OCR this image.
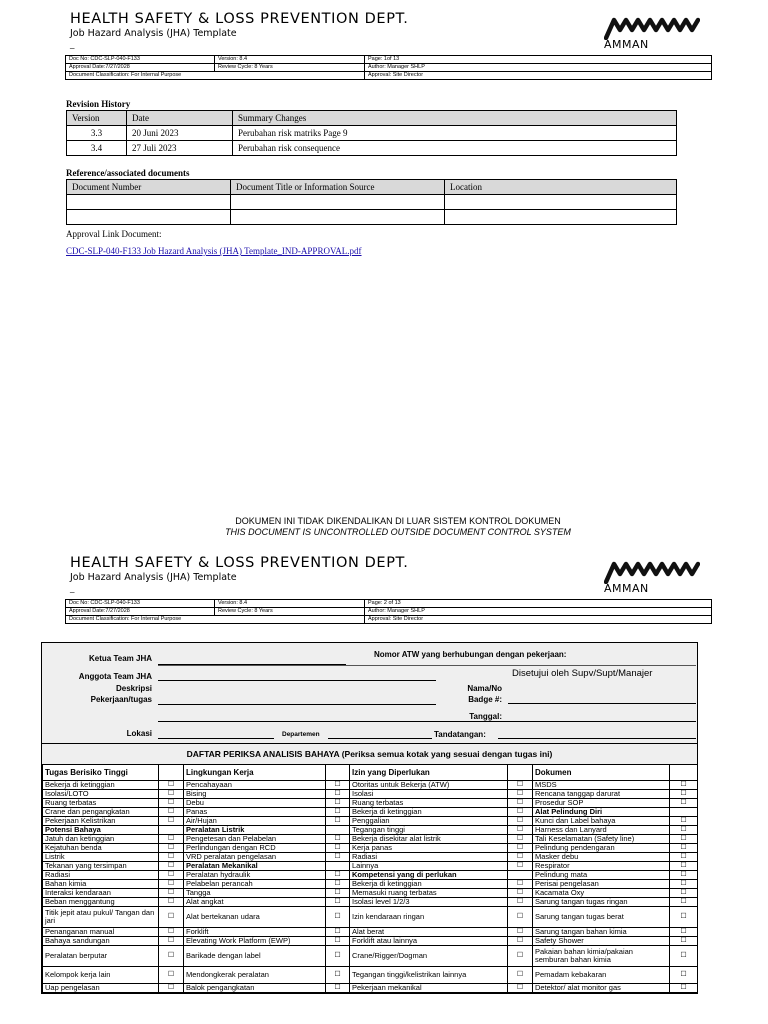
HEALTH SAFETY & LOSS PREVENTION DEPT.
Job Hazard Analysis (JHA) Template
_	AMMAN
Doc No: CDC-SLP-040-F133	Version: 8.4	Page: 1of 13
Approval Date:7/27/2028	Review Cycle: 8 Years	Author: Manager SHLP
Document Classification: For Internal Purpose		Approval: Site Director
Revision History
Version	Date	Summary Changes
3.3	20 Juni 2023	Perubahan risk matriks Page 9
3.4	27 Juli 2023	Perubahan risk consequence
Reference/associated documents
Document Number	Document Title or Information Source	Location

Approval Link Document:
CDC-SLP-040-F133 Job Hazard Analysis (JHA) Template_IND-APPROVAL.pdf
DOKUMEN INI TIDAK DIKENDALIKAN DI LUAR SISTEM KONTROL DOKUMEN
THIS DOCUMENT IS UNCONTROLLED OUTSIDE DOCUMENT CONTROL SYSTEM
HEALTH SAFETY & LOSS PREVENTION DEPT.
Job Hazard Analysis (JHA) Template
_	AMMAN
Doc No: CDC-SLP-040-F133	Version: 8.4	Page: 2 of 13
Approval Date:7/27/2028	Review Cycle: 8 Years	Author: Manager SHLP
Document Classification: For Internal Purpose		Approval: Site Director
Ketua Team JHA	Nomor ATW yang berhubungan dengan pekerjaan:
Anggota Team JHA	Disetujui oleh Supv/Supt/Manajer
Deskripsi
Pekerjaan/tugas
Nama/No
Badge #:
Tanggal:
Lokasi	Departemen	Tandatangan:
DAFTAR PERIKSA ANALISIS BAHAYA (Periksa semua kotak yang sesuai dengan tugas ini)
Tugas Berisiko Tinggi		Lingkungan Kerja		Izin yang Diperlukan		Dokumen	
Bekerja di ketinggian	☐	Pencahayaan	☐	Otoritas untuk Bekerja (ATW)	☐	MSDS	☐
Isolasi/LOTO	☐	Bising	☐	Isolasi	☐	Rencana tanggap darurat	☐
Ruang terbatas	☐	Debu	☐	Ruang terbatas	☐	Prosedur SOP	☐
Crane dan pengangkatan	☐	Panas	☐	Bekerja di ketinggian	☐	Alat Pelindung Diri	
Pekerjaan Kelistrikan	☐	Air/Hujan	☐	Penggalian	☐	Kunci dan Label bahaya	☐
Potensi Bahaya		Peralatan Listrik		Tegangan tinggi	☐	Harness dan Lanyard	☐
Jatuh dan ketinggian	☐	Pengetesan dan Pelabelan	☐	Bekerja disekitar alat listrik	☐	Tali Keselamatan (Safety line)	☐
Kejatuhan benda	☐	Perlindungan dengan RCD	☐	Kerja panas	☐	Pelindung pendengaran	☐
Listrik	☐	VRD peralatan pengelasan	☐	Radiasi	☐	Masker debu	☐
Tekanan yang tersimpan	☐	Peralatan Mekanikal		Lainnya	☐	Respirator	☐
Radiasi	☐	Peralatan hydraulik	☐	Kompetensi yang di perlukan		Pelindung mata	☐
Bahan kimia	☐	Pelabelan perancah	☐	Bekerja di ketinggian	☐	Perisai pengelasan	☐
Interaksi kendaraan	☐	Tangga	☐	Memasuki ruang terbatas	☐	Kacamata Oxy	☐
Beban menggantung	☐	Alat angkat	☐	Isolasi level 1/2/3	☐	Sarung tangan tugas ringan	☐
Titik jepit atau pukul/ Tangan dan jari	☐	Alat bertekanan udara	☐	Izin kendaraan ringan	☐	Sarung tangan tugas berat	☐
Penanganan manual	☐	Forklift	☐	Alat berat	☐	Sarung tangan bahan kimia	☐
Bahaya sandungan	☐	Elevating Work Platform (EWP)	☐	Forklift atau lainnya	☐	Safety Shower	☐
Peralatan berputar	☐	Barikade dengan label	☐	Crane/Rigger/Dogman	☐	Pakaian bahan kimia/pakaian semburan bahan kimia	☐
Kelompok kerja lain	☐	Mendongkerak peralatan	☐	Tegangan tinggi/kelistrikan lainnya	☐	Pemadam kebakaran	☐
Uap pengelasan	☐	Balok pengangkatan	☐	Pekerjaan mekanikal	☐	Detektor/ alat monitor gas	☐
